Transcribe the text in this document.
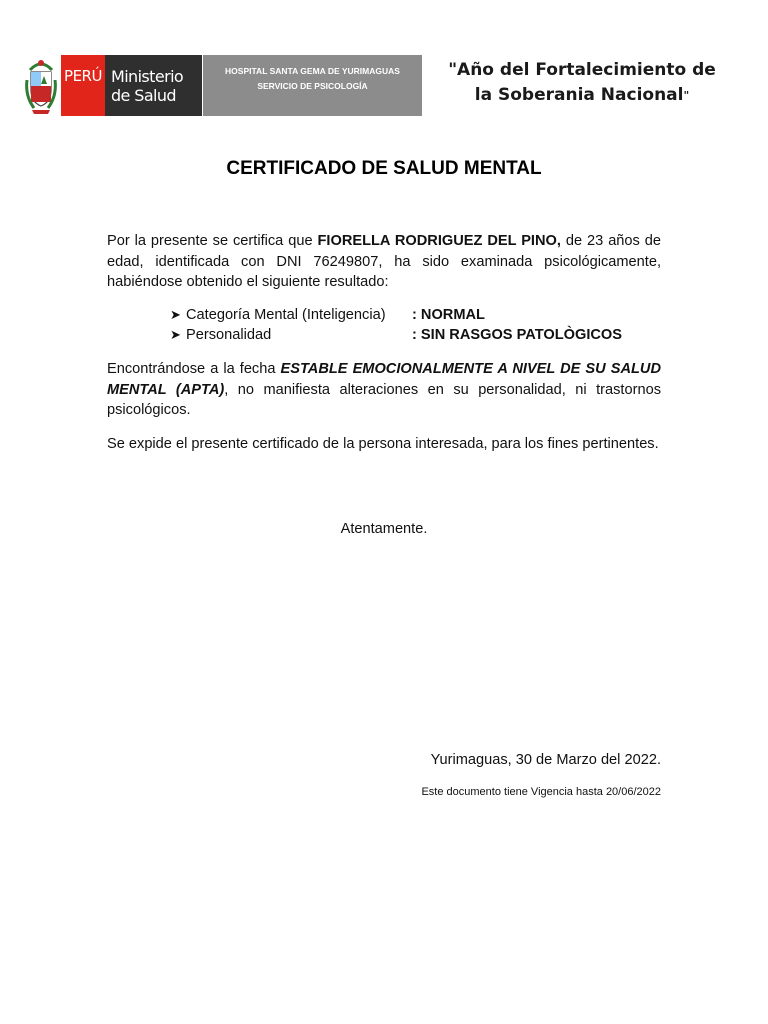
PERÚ Ministerio
de Salud
HOSPITAL SANTA GEMA DE YURIMAGUAS
SERVICIO DE PSICOLOGÍA
"Año del Fortalecimiento de
la Soberania Nacional"
CERTIFICADO DE SALUD MENTAL
Por la presente se certifica que FIORELLA RODRIGUEZ DEL PINO, de 23 años de edad, identificada con DNI 76249807, ha sido examinada psicológicamente, habiéndose obtenido el siguiente resultado:
➤ Categoría Mental (Inteligencia)	: NORMAL
➤ Personalidad	: SIN RASGOS PATOLÒGICOS
Encontrándose a la fecha ESTABLE EMOCIONALMENTE A NIVEL DE SU SALUD MENTAL (APTA), no manifiesta alteraciones en su personalidad, ni trastornos psicológicos.
Se expide el presente certificado de la persona interesada, para los fines pertinentes.
Atentamente.
Yurimaguas, 30 de Marzo del 2022.
Este documento tiene Vigencia hasta 20/06/2022
